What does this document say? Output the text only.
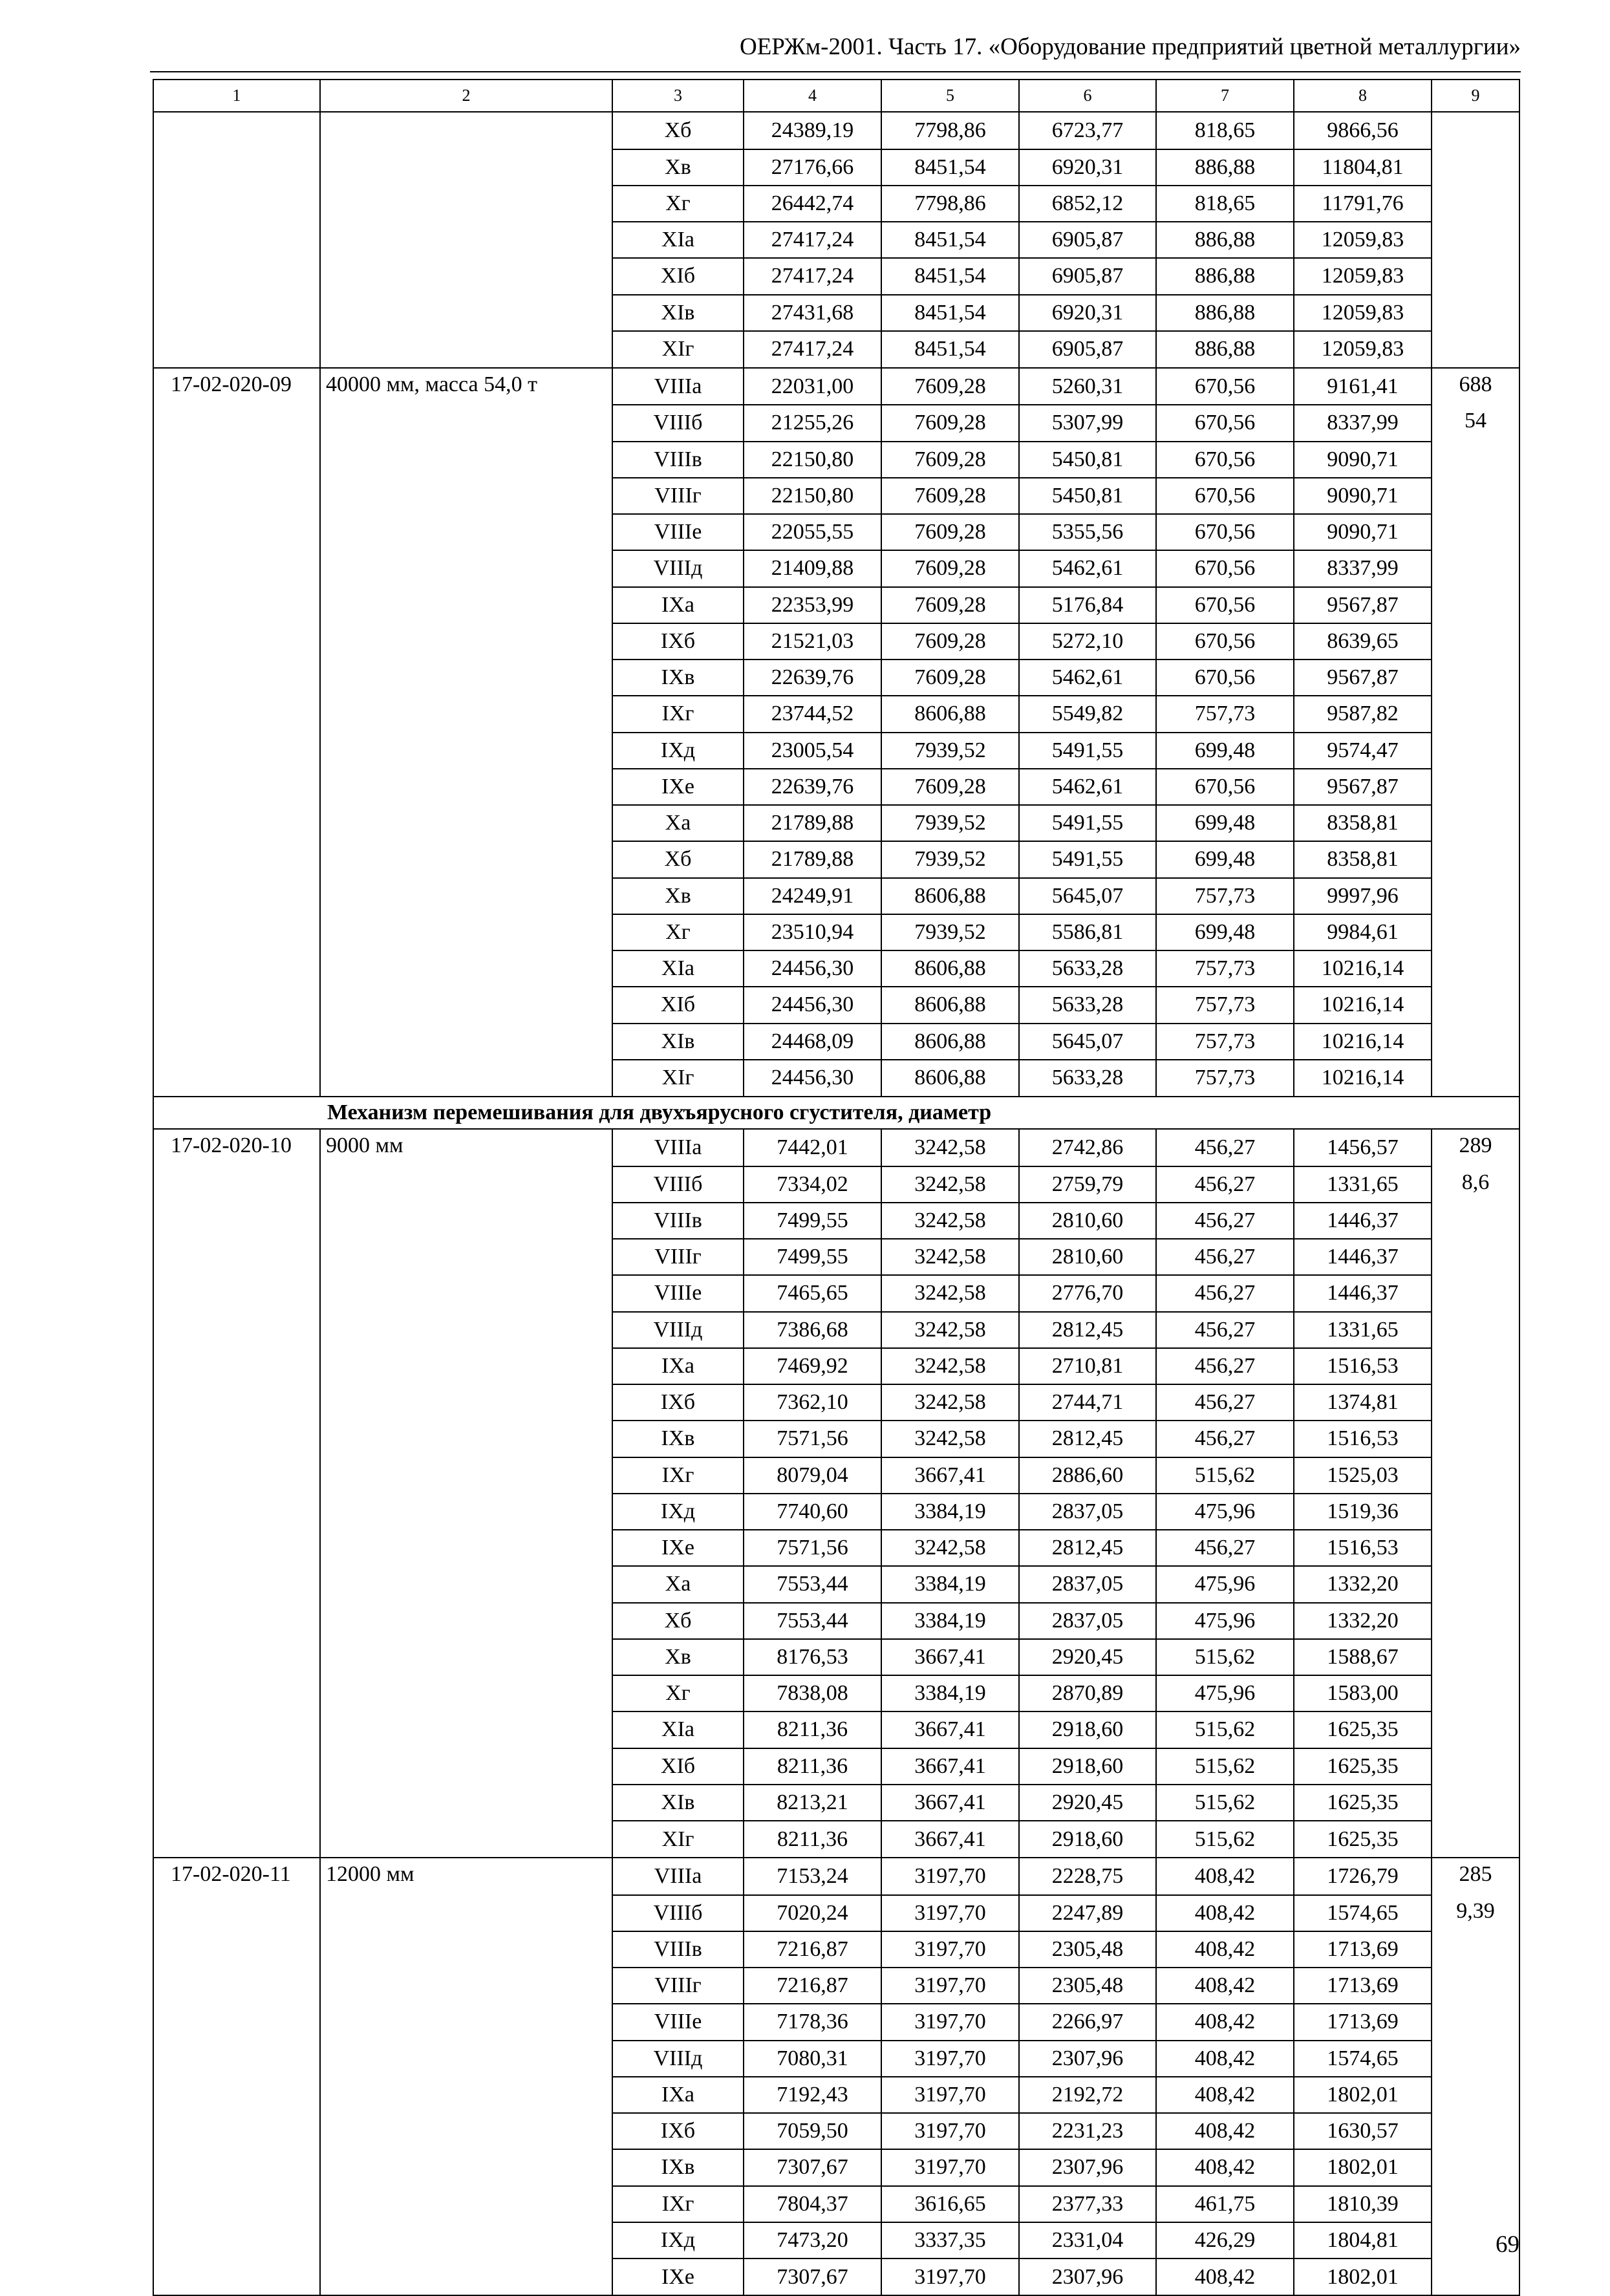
ОЕРЖм-2001. Часть 17. «Оборудование предприятий цветной металлургии»
1	2	3	4	5	6	7	8	9
		Xб	24389,19	7798,86	6723,77	818,65	9866,56	
		Xв	27176,66	8451,54	6920,31	886,88	11804,81	
		Xг	26442,74	7798,86	6852,12	818,65	11791,76	
		XIа	27417,24	8451,54	6905,87	886,88	12059,83	
		XIб	27417,24	8451,54	6905,87	886,88	12059,83	
		XIв	27431,68	8451,54	6920,31	886,88	12059,83	
		XIг	27417,24	8451,54	6905,87	886,88	12059,83	
17-02-020-09	40000 мм, масса 54,0 т	VIIIа	22031,00	7609,28	5260,31	670,56	9161,41	688
		VIIIб	21255,26	7609,28	5307,99	670,56	8337,99	54
		VIIIв	22150,80	7609,28	5450,81	670,56	9090,71	
		VIIIг	22150,80	7609,28	5450,81	670,56	9090,71	
		VIIIе	22055,55	7609,28	5355,56	670,56	9090,71	
		VIIIд	21409,88	7609,28	5462,61	670,56	8337,99	
		IXа	22353,99	7609,28	5176,84	670,56	9567,87	
		IXб	21521,03	7609,28	5272,10	670,56	8639,65	
		IXв	22639,76	7609,28	5462,61	670,56	9567,87	
		IXг	23744,52	8606,88	5549,82	757,73	9587,82	
		IXд	23005,54	7939,52	5491,55	699,48	9574,47	
		IXе	22639,76	7609,28	5462,61	670,56	9567,87	
		Xа	21789,88	7939,52	5491,55	699,48	8358,81	
		Xб	21789,88	7939,52	5491,55	699,48	8358,81	
		Xв	24249,91	8606,88	5645,07	757,73	9997,96	
		Xг	23510,94	7939,52	5586,81	699,48	9984,61	
		XIа	24456,30	8606,88	5633,28	757,73	10216,14	
		XIб	24456,30	8606,88	5633,28	757,73	10216,14	
		XIв	24468,09	8606,88	5645,07	757,73	10216,14	
		XIг	24456,30	8606,88	5633,28	757,73	10216,14	
Механизм перемешивания для двухъярусного сгустителя, диаметр								
17-02-020-10	9000 мм	VIIIа	7442,01	3242,58	2742,86	456,27	1456,57	289
		VIIIб	7334,02	3242,58	2759,79	456,27	1331,65	8,6
		VIIIв	7499,55	3242,58	2810,60	456,27	1446,37	
		VIIIг	7499,55	3242,58	2810,60	456,27	1446,37	
		VIIIе	7465,65	3242,58	2776,70	456,27	1446,37	
		VIIIд	7386,68	3242,58	2812,45	456,27	1331,65	
		IXа	7469,92	3242,58	2710,81	456,27	1516,53	
		IXб	7362,10	3242,58	2744,71	456,27	1374,81	
		IXв	7571,56	3242,58	2812,45	456,27	1516,53	
		IXг	8079,04	3667,41	2886,60	515,62	1525,03	
		IXд	7740,60	3384,19	2837,05	475,96	1519,36	
		IXе	7571,56	3242,58	2812,45	456,27	1516,53	
		Xа	7553,44	3384,19	2837,05	475,96	1332,20	
		Xб	7553,44	3384,19	2837,05	475,96	1332,20	
		Xв	8176,53	3667,41	2920,45	515,62	1588,67	
		Xг	7838,08	3384,19	2870,89	475,96	1583,00	
		XIа	8211,36	3667,41	2918,60	515,62	1625,35	
		XIб	8211,36	3667,41	2918,60	515,62	1625,35	
		XIв	8213,21	3667,41	2920,45	515,62	1625,35	
		XIг	8211,36	3667,41	2918,60	515,62	1625,35	
17-02-020-11	12000 мм	VIIIа	7153,24	3197,70	2228,75	408,42	1726,79	285
		VIIIб	7020,24	3197,70	2247,89	408,42	1574,65	9,39
		VIIIв	7216,87	3197,70	2305,48	408,42	1713,69	
		VIIIг	7216,87	3197,70	2305,48	408,42	1713,69	
		VIIIе	7178,36	3197,70	2266,97	408,42	1713,69	
		VIIIд	7080,31	3197,70	2307,96	408,42	1574,65	
		IXа	7192,43	3197,70	2192,72	408,42	1802,01	
		IXб	7059,50	3197,70	2231,23	408,42	1630,57	
		IXв	7307,67	3197,70	2307,96	408,42	1802,01	
		IXг	7804,37	3616,65	2377,33	461,75	1810,39	
		IXд	7473,20	3337,35	2331,04	426,29	1804,81	
		IXе	7307,67	3197,70	2307,96	408,42	1802,01	
69
